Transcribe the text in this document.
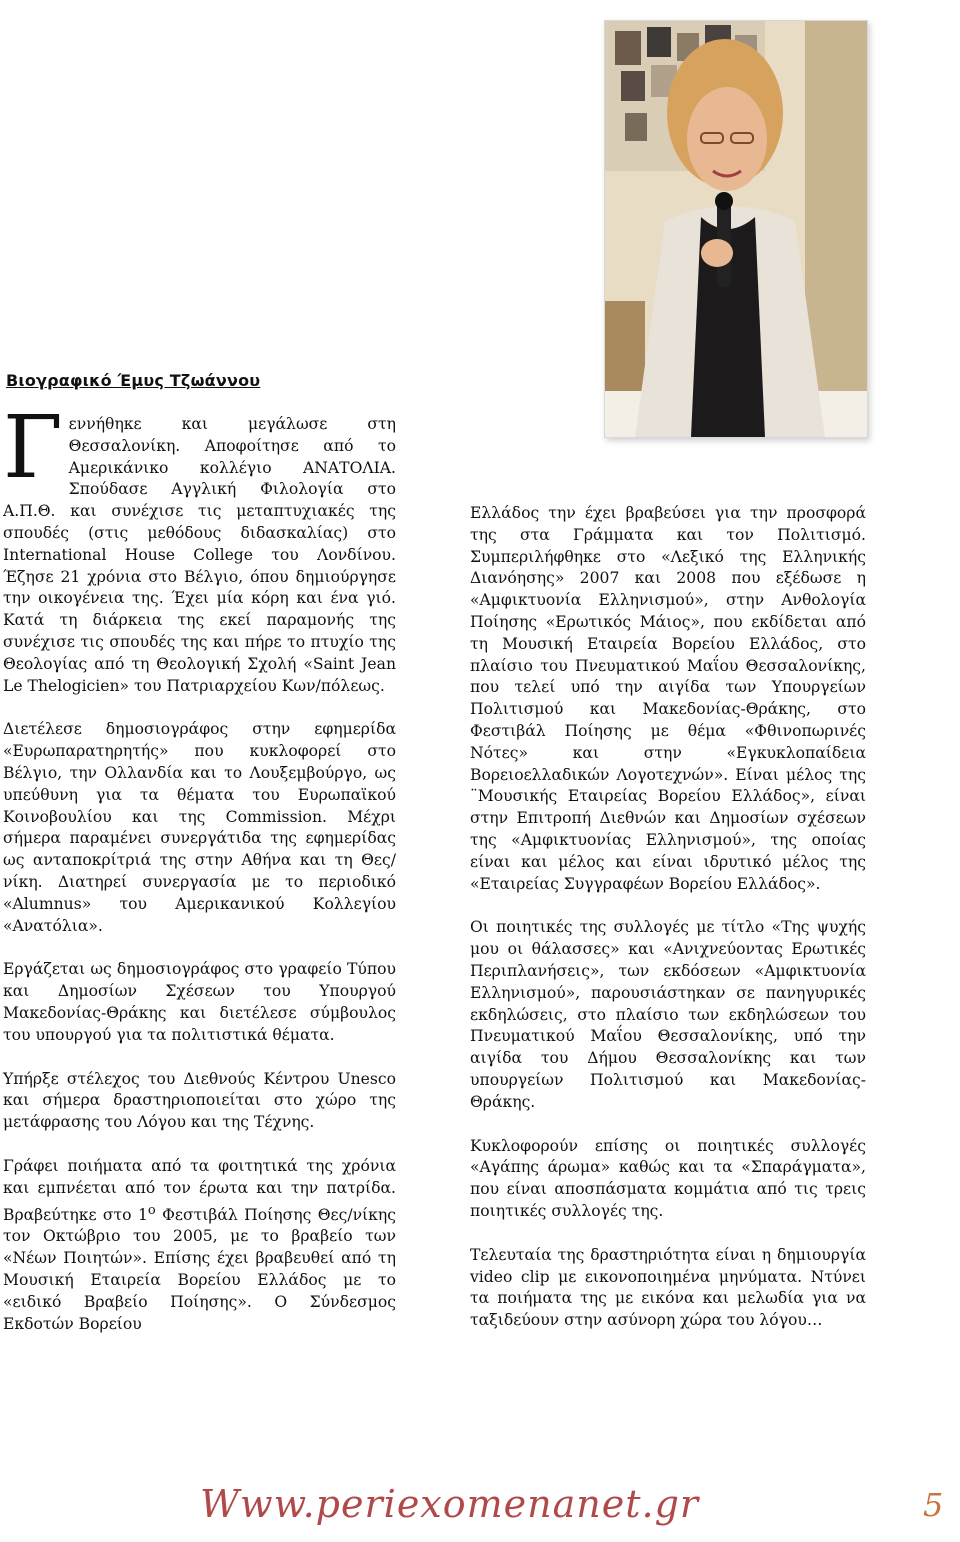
Βιογραφικό Έμυς Τζωάννου

Γεννήθηκε και μεγάλωσε στη Θεσσαλονίκη. Αποφοίτησε από το Αμερικάνικο κολλέγιο ΑΝΑΤΟΛΙΑ. Σπούδασε Αγγλική Φιλολογία στο Α.Π.Θ. και συνέχισε τις μεταπτυχιακές της σπουδές (στις μεθόδους διδασκαλίας) στο International House College του Λονδίνου. Έζησε 21 χρόνια στο Βέλγιο, όπου δημιούργησε την οικογένεια της. Έχει μία κόρη και ένα γιό. Κατά τη διάρκεια της εκεί παραμονής της συνέχισε τις σπουδές της και πήρε το πτυχίο της Θεολογίας από τη Θεολογική Σχολή «Saint Jean Le Thelogicien» του Πατριαρχείου Κων/πόλεως.

Διετέλεσε δημοσιογράφος στην εφημερίδα «Ευρωπαρατηρητής» που κυκλοφορεί στο Βέλγιο, την Ολλανδία και το Λουξεμβούργο, ως υπεύθυνη για τα θέματα του Ευρωπαϊκού Κοινοβουλίου και της Commission. Μέχρι σήμερα παραμένει συνεργάτιδα της εφημερίδας ως ανταποκρίτριά της στην Αθήνα και τη Θες/νίκη. Διατηρεί συνεργασία με το περιοδικό «Alumnus» του Αμερικανικού Κολλεγίου «Ανατόλια».

Εργάζεται ως δημοσιογράφος στο γραφείο Τύπου και Δημοσίων Σχέσεων του Υπουργού Μακεδονίας-Θράκης και διετέλεσε σύμβουλος του υπουργού για τα πολιτιστικά θέματα.

Υπήρξε στέλεχος του Διεθνούς Κέντρου Unesco και σήμερα δραστηριοποιείται στο χώρο της μετάφρασης του Λόγου και της Τέχνης.

Γράφει ποιήματα από τα φοιτητικά της χρόνια και εμπνέεται από τον έρωτα και την πατρίδα. Βραβεύτηκε στο $1^o$ Φεστιβάλ Ποίησης Θες/νίκης τον Οκτώβριο του 2005, με το βραβείο των «Νέων Ποιητών». Επίσης έχει βραβευθεί από τη Μουσική Εταιρεία Βορείου Ελλάδος με το «ειδικό Βραβείο Ποίησης». Ο Σύνδεσμος Εκδοτών Βορείου

Ελλάδος την έχει βραβεύσει για την προσφορά της στα Γράμματα και τον Πολιτισμό. Συμπεριλήφθηκε στο «Λεξικό της Ελληνικής Διανόησης» 2007 και 2008 που εξέδωσε η «Αμφικτυονία Ελληνισμού», στην Ανθολογία Ποίησης «Ερωτικός Μάιος», που εκδίδεται από τη Μουσική Εταιρεία Βορείου Ελλάδος, στο πλαίσιο του Πνευματικού Μαΐου Θεσσαλονίκης, που τελεί υπό την αιγίδα των Υπουργείων Πολιτισμού και Μακεδονίας-Θράκης, στο Φεστιβάλ Ποίησης με θέμα «Φθινοπωρινές Νότες» και στην «Εγκυκλοπαίδεια Βορειοελλαδικών Λογοτεχνών». Είναι μέλος της ¨Μουσικής Εταιρείας Βορείου Ελλάδος», είναι στην Επιτροπή Διεθνών και Δημοσίων σχέσεων της «Αμφικτυονίας Ελληνισμού», της οποίας είναι και μέλος και είναι ιδρυτικό μέλος της «Εταιρείας Συγγραφέων Βορείου Ελλάδος».

Οι ποιητικές της συλλογές με τίτλο «Της ψυχής μου οι θάλασσες» και «Ανιχνεύοντας Ερωτικές Περιπλανήσεις», των εκδόσεων «Αμφικτυονία Ελληνισμού», παρουσιάστηκαν σε πανηγυρικές εκδηλώσεις, στο πλαίσιο των εκδηλώσεων του Πνευματικού Μαΐου Θεσσαλονίκης, υπό την αιγίδα του Δήμου Θεσσαλονίκης και των υπουργείων Πολιτισμού και Μακεδονίας-Θράκης.

Κυκλοφορούν επίσης οι ποιητικές συλλογές «Αγάπης άρωμα» καθώς και τα «Σπαράγματα», που είναι αποσπάσματα κομμάτια από τις τρεις ποιητικές συλλογές της.

Τελευταία της δραστηριότητα είναι η δημιουργία video clip με εικονοποιημένα μηνύματα. Ντύνει τα ποιήματα της με εικόνα και μελωδία για να ταξιδεύουν στην ασύνορη χώρα του λόγου…

Www.periexomenanet.gr	5
